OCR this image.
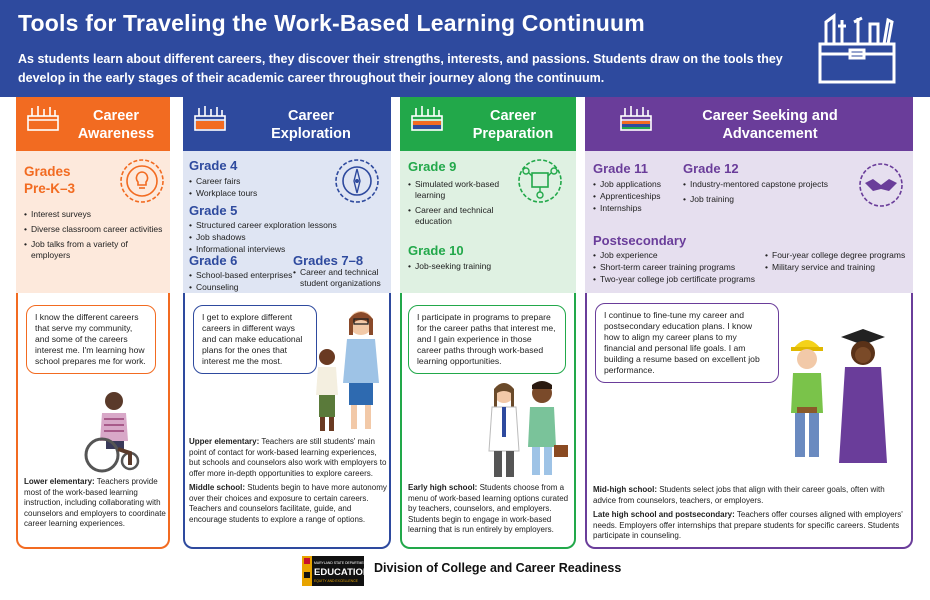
Tools for Traveling the Work-Based Learning Continuum

As students learn about different careers, they discover their strengths, interests, and passions. Students draw on the tools they develop in the early stages of their academic career throughout their journey along the continuum.

Career
Awareness
Grades
Pre-K–3
• Interest surveys
• Diverse classroom career activities
• Job talks from a variety of employers
I know the different careers that serve my community, and some of the careers interest me. I'm learning how school prepares me for work.

Lower elementary: Teachers provide most of the work-based learning instruction, including collaborating with counselors and employers to coordinate career learning experiences.

Career
Exploration
Grade 4
• Career fairs
• Workplace tours
Grade 5
• Structured career exploration lessons
• Job shadows
• Informational interviews
Grade 6
• School-based enterprises
• Counseling
Grades 7–8
• Career and technical student organizations
I get to explore different careers in different ways and can make educational plans for the ones that interest me the most.

Upper elementary: Teachers are still students' main point of contact for work-based learning experiences, but schools and counselors also work with employers to offer more in-depth opportunities to explore careers.

Middle school: Students begin to have more autonomy over their choices and exposure to certain careers. Teachers and counselors facilitate, guide, and encourage students to explore a range of options.

Career
Preparation
Grade 9
• Simulated work-based learning
• Career and technical education
Grade 10
• Job-seeking training
I participate in programs to prepare for the career paths that interest me, and I gain experience in those career paths through work-based learning opportunities.

Early high school: Students choose from a menu of work-based learning options curated by teachers, counselors, and employers. Students begin to engage in work-based learning that is run entirely by employers.

Career Seeking and
Advancement
Grade 11
• Job applications
• Apprenticeships
• Internships
Grade 12
• Industry-mentored capstone projects
• Job training
Postsecondary
• Job experience
• Short-term career training programs
• Two-year college job certificate programs
• Four-year college degree programs
• Military service and training
I continue to fine-tune my career and postsecondary education plans. I know how to align my career plans to my financial and personal life goals. I am building a resume based on excellent job performance.

Mid-high school: Students select jobs that align with their career goals, often with advice from counselors, teachers, or employers.

Late high school and postsecondary: Teachers offer courses aligned with employers' needs. Employers offer internships that prepare students for specific careers. Students participate in counseling.

MARYLAND STATE DEPARTMENT OF
EDUCATION
EQUITY AND EXCELLENCE
Division of College and Career Readiness
